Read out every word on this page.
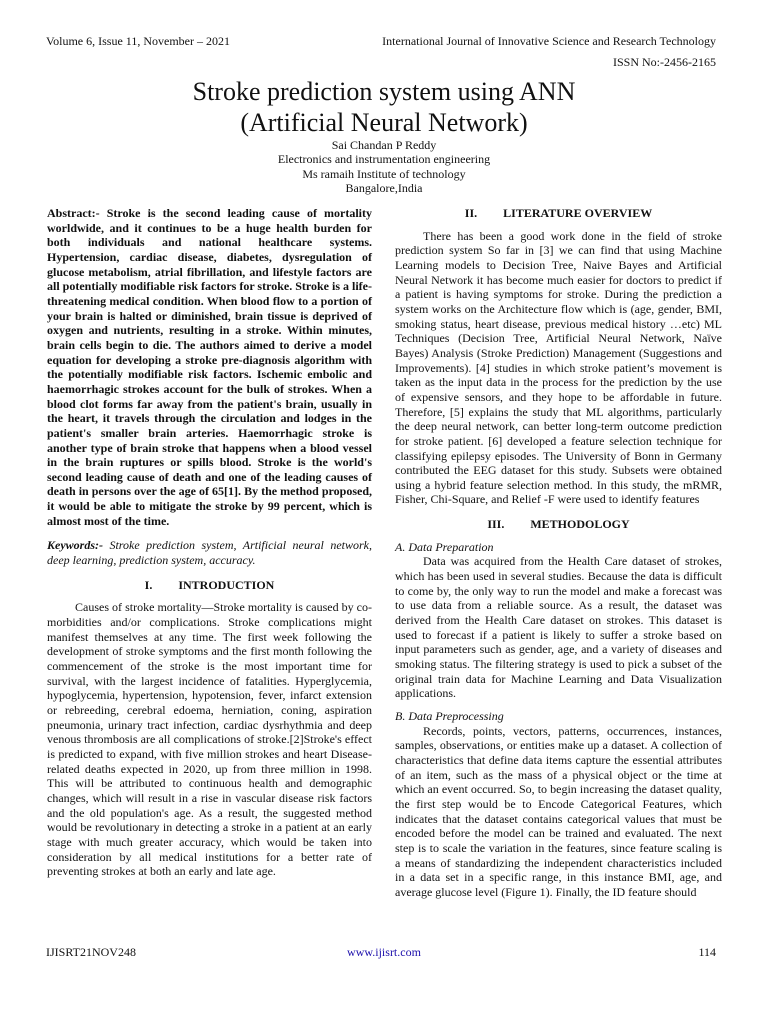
Volume 6, Issue 11, November – 2021	International Journal of Innovative Science and Research Technology
ISSN No:-2456-2165
Stroke prediction system using ANN
(Artificial Neural Network)
Sai Chandan P Reddy
Electronics and instrumentation engineering
Ms ramaih Institute of technology
Bangalore,India

Abstract:- Stroke is the second leading cause of mortality worldwide, and it continues to be a huge health burden for both individuals and national healthcare systems. Hypertension, cardiac disease, diabetes, dysregulation of glucose metabolism, atrial fibrillation, and lifestyle factors are all potentially modifiable risk factors for stroke. Stroke is a life-threatening medical condition. When blood flow to a portion of your brain is halted or diminished, brain tissue is deprived of oxygen and nutrients, resulting in a stroke. Within minutes, brain cells begin to die. The authors aimed to derive a model equation for developing a stroke pre-diagnosis algorithm with the potentially modifiable risk factors. Ischemic embolic and haemorrhagic strokes account for the bulk of strokes. When a blood clot forms far away from the patient's brain, usually in the heart, it travels through the circulation and lodges in the patient's smaller brain arteries. Haemorrhagic stroke is another type of brain stroke that happens when a blood vessel in the brain ruptures or spills blood. Stroke is the world's second leading cause of death and one of the leading causes of death in persons over the age of 65[1]. By the method proposed, it would be able to mitigate the stroke by 99 percent, which is almost most of the time.

Keywords:- Stroke prediction system, Artificial neural network, deep learning, prediction system, accuracy.

I. INTRODUCTION

Causes of stroke mortality—Stroke mortality is caused by co-morbidities and/or complications. Stroke complications might manifest themselves at any time. The first week following the development of stroke symptoms and the first month following the commencement of the stroke is the most important time for survival, with the largest incidence of fatalities. Hyperglycemia, hypoglycemia, hypertension, hypotension, fever, infarct extension or rebreeding, cerebral edoema, herniation, coning, aspiration pneumonia, urinary tract infection, cardiac dysrhythmia and deep venous thrombosis are all complications of stroke.[2]Stroke's effect is predicted to expand, with five million strokes and heart Disease-related deaths expected in 2020, up from three million in 1998. This will be attributed to continuous health and demographic changes, which will result in a rise in vascular disease risk factors and the old population's age. As a result, the suggested method would be revolutionary in detecting a stroke in a patient at an early stage with much greater accuracy, which would be taken into consideration by all medical institutions for a better rate of preventing strokes at both an early and late age.

II. LITERATURE OVERVIEW

There has been a good work done in the field of stroke prediction system So far in [3] we can find that using Machine Learning models to Decision Tree, Naive Bayes and Artificial Neural Network it has become much easier for doctors to predict if a patient is having symptoms for stroke. During the prediction a system works on the Architecture flow which is (age, gender, BMI, smoking status, heart disease, previous medical history …etc) ML Techniques (Decision Tree, Artificial Neural Network, Naïve Bayes) Analysis (Stroke Prediction) Management (Suggestions and Improvements). [4] studies in which stroke patient’s movement is taken as the input data in the process for the prediction by the use of expensive sensors, and they hope to be affordable in future. Therefore, [5] explains the study that ML algorithms, particularly the deep neural network, can better long-term outcome prediction for stroke patient. [6] developed a feature selection technique for classifying epilepsy episodes. The University of Bonn in Germany contributed the EEG dataset for this study. Subsets were obtained using a hybrid feature selection method. In this study, the mRMR, Fisher, Chi-Square, and Relief -F were used to identify features

III. METHODOLOGY

A. Data Preparation

Data was acquired from the Health Care dataset of strokes, which has been used in several studies. Because the data is difficult to come by, the only way to run the model and make a forecast was to use data from a reliable source. As a result, the dataset was derived from the Health Care dataset on strokes. This dataset is used to forecast if a patient is likely to suffer a stroke based on input parameters such as gender, age, and a variety of diseases and smoking status. The filtering strategy is used to pick a subset of the original train data for Machine Learning and Data Visualization applications.

B. Data Preprocessing

Records, points, vectors, patterns, occurrences, instances, samples, observations, or entities make up a dataset. A collection of characteristics that define data items capture the essential attributes of an item, such as the mass of a physical object or the time at which an event occurred. So, to begin increasing the dataset quality, the first step would be to Encode Categorical Features, which indicates that the dataset contains categorical values that must be encoded before the model can be trained and evaluated. The next step is to scale the variation in the features, since feature scaling is a means of standardizing the independent characteristics included in a data set in a specific range, in this instance BMI, age, and average glucose level (Figure 1). Finally, the ID feature should

IJISRT21NOV248	www.ijisrt.com	114
